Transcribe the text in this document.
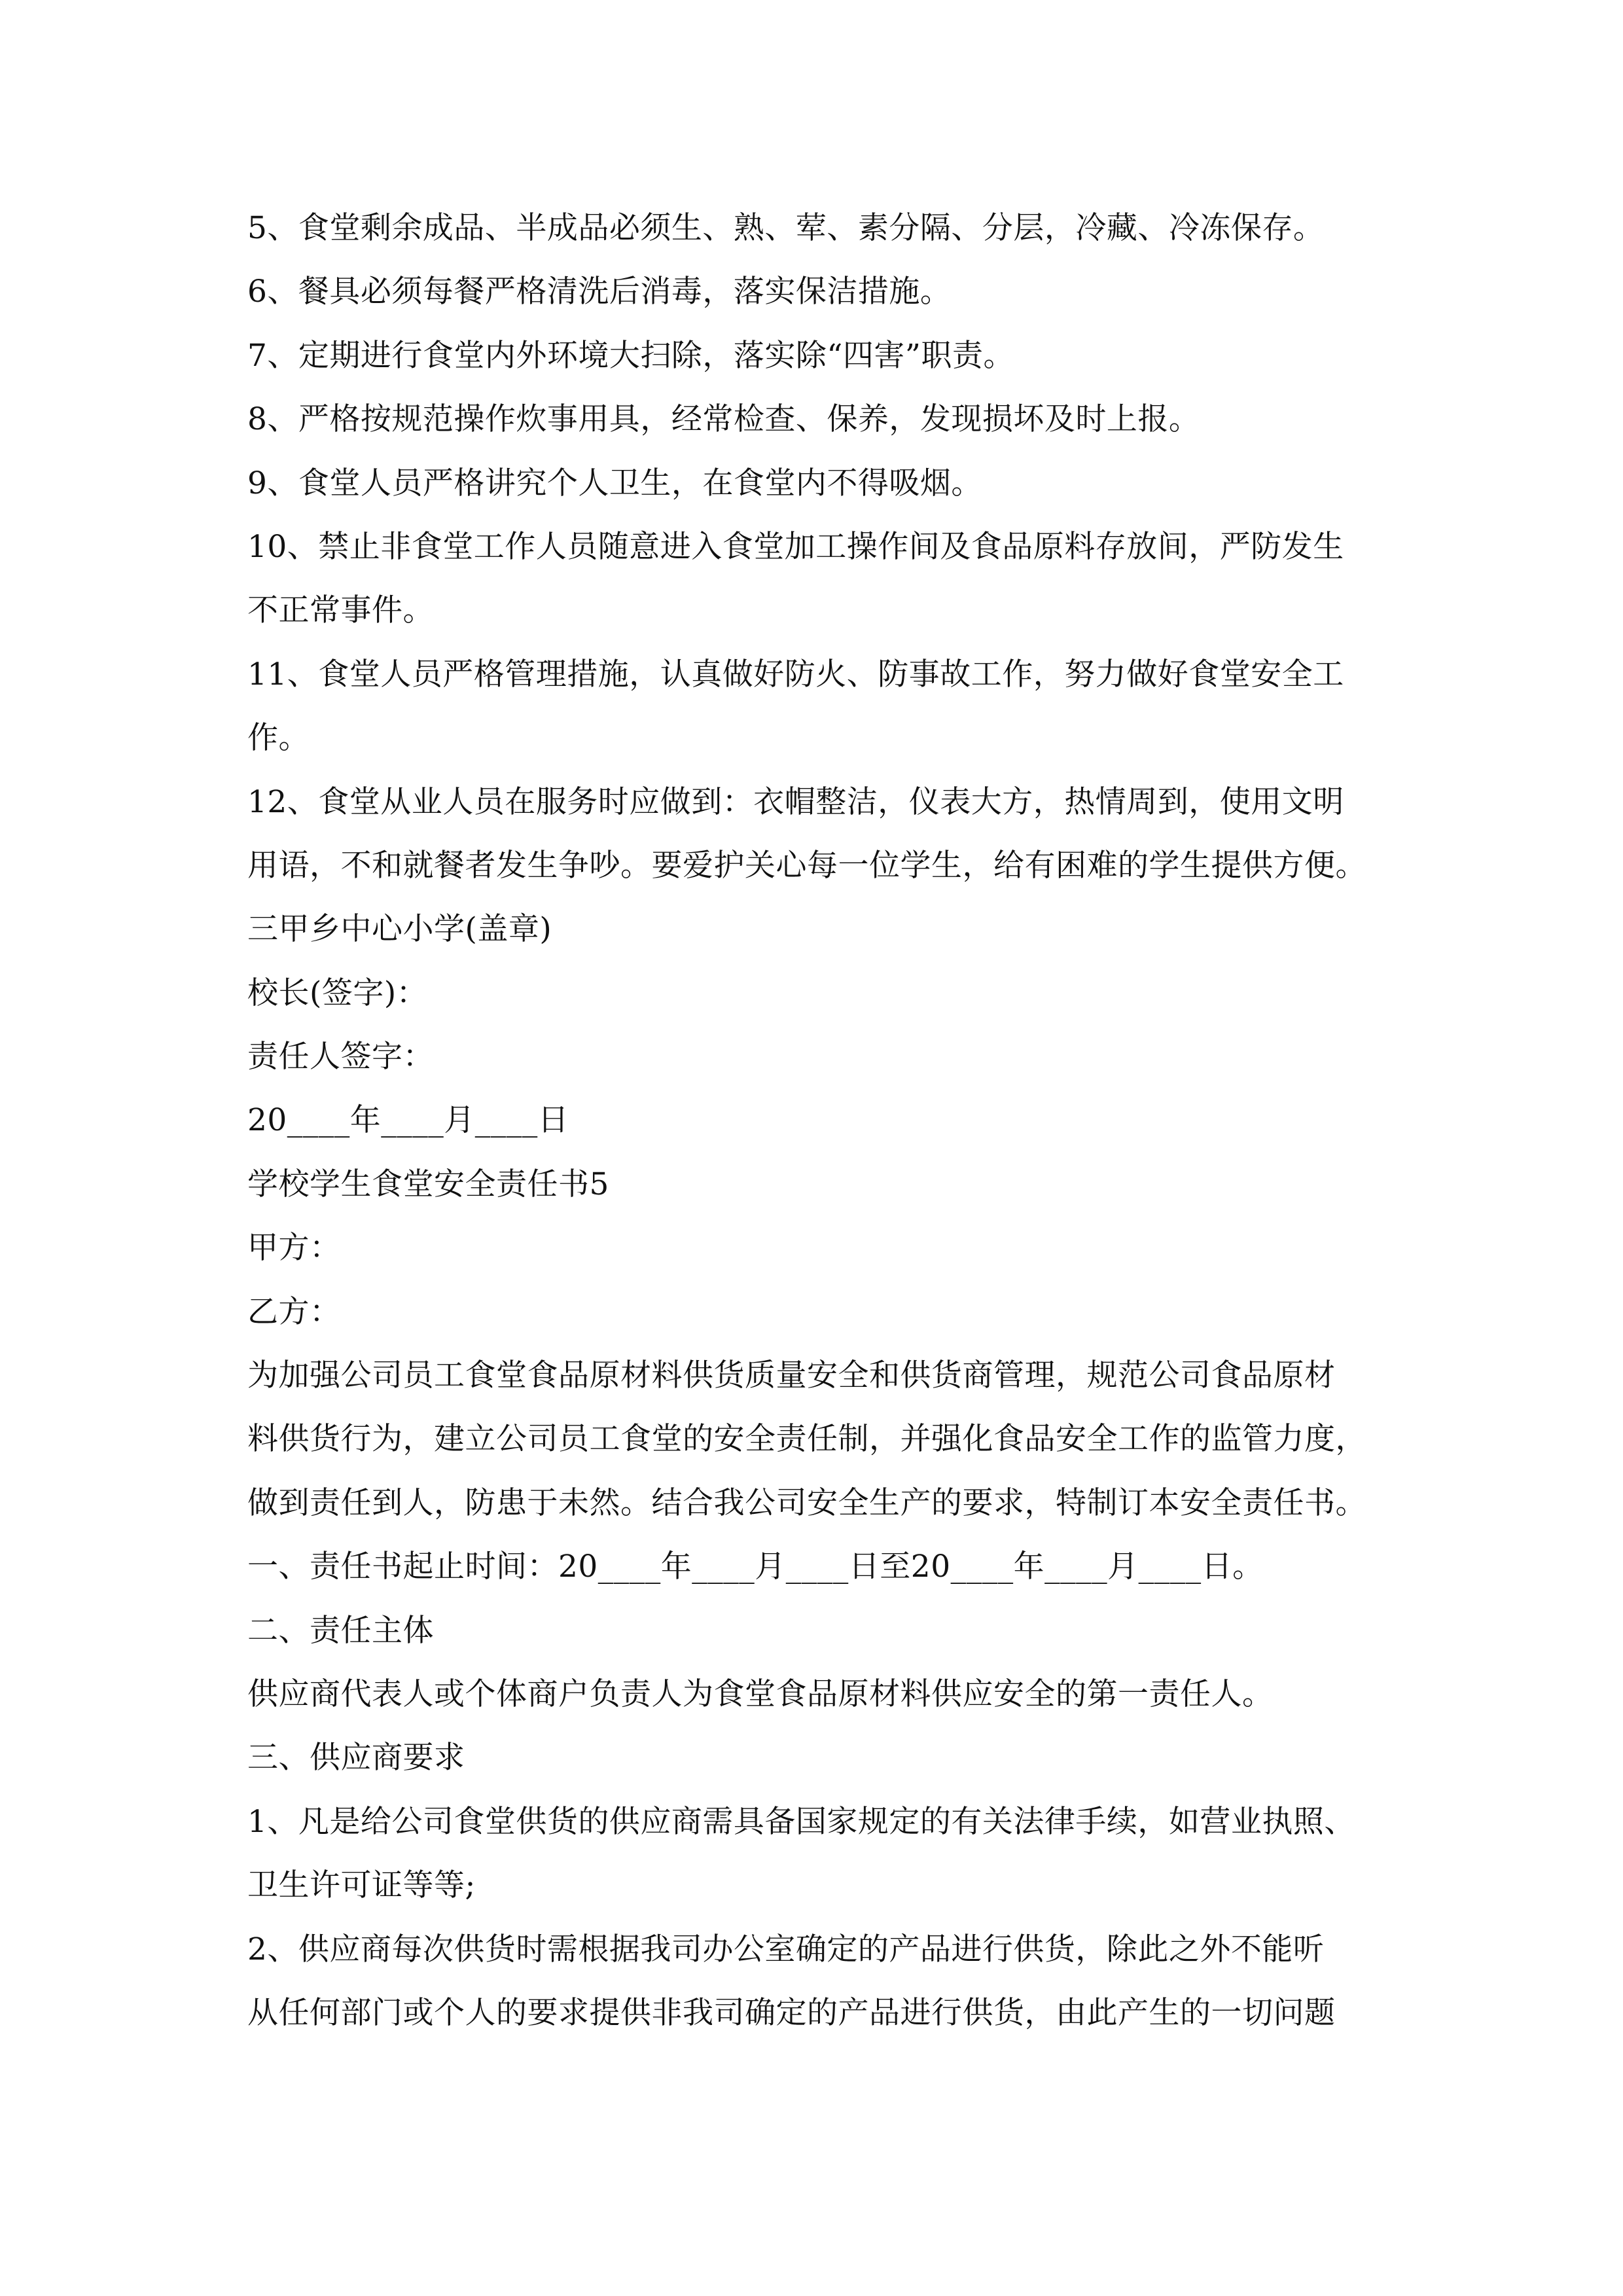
5、食堂剩余成品、半成品必须生、熟、荤、素分隔、分层，冷藏、冷冻保存。
6、餐具必须每餐严格清洗后消毒，落实保洁措施。
7、定期进行食堂内外环境大扫除，落实除“四害”职责。
8、严格按规范操作炊事用具，经常检查、保养，发现损坏及时上报。
9、食堂人员严格讲究个人卫生，在食堂内不得吸烟。
10、禁止非食堂工作人员随意进入食堂加工操作间及食品原料存放间，严防发生
不正常事件。
11、食堂人员严格管理措施，认真做好防火、防事故工作，努力做好食堂安全工
作。
12、食堂从业人员在服务时应做到：衣帽整洁，仪表大方，热情周到，使用文明
用语，不和就餐者发生争吵。要爱护关心每一位学生，给有困难的学生提供方便。
三甲乡中心小学(盖章)
校长(签字)：
责任人签字：
20____年____月____日
学校学生食堂安全责任书5
甲方：
乙方：
为加强公司员工食堂食品原材料供货质量安全和供货商管理，规范公司食品原材
料供货行为，建立公司员工食堂的安全责任制，并强化食品安全工作的监管力度，
做到责任到人，防患于未然。结合我公司安全生产的要求，特制订本安全责任书。
一、责任书起止时间：20____年____月____日至20____年____月____日。
二、责任主体
供应商代表人或个体商户负责人为食堂食品原材料供应安全的第一责任人。
三、供应商要求
1、凡是给公司食堂供货的供应商需具备国家规定的有关法律手续，如营业执照、
卫生许可证等等;
2、供应商每次供货时需根据我司办公室确定的产品进行供货，除此之外不能听
从任何部门或个人的要求提供非我司确定的产品进行供货，由此产生的一切问题
